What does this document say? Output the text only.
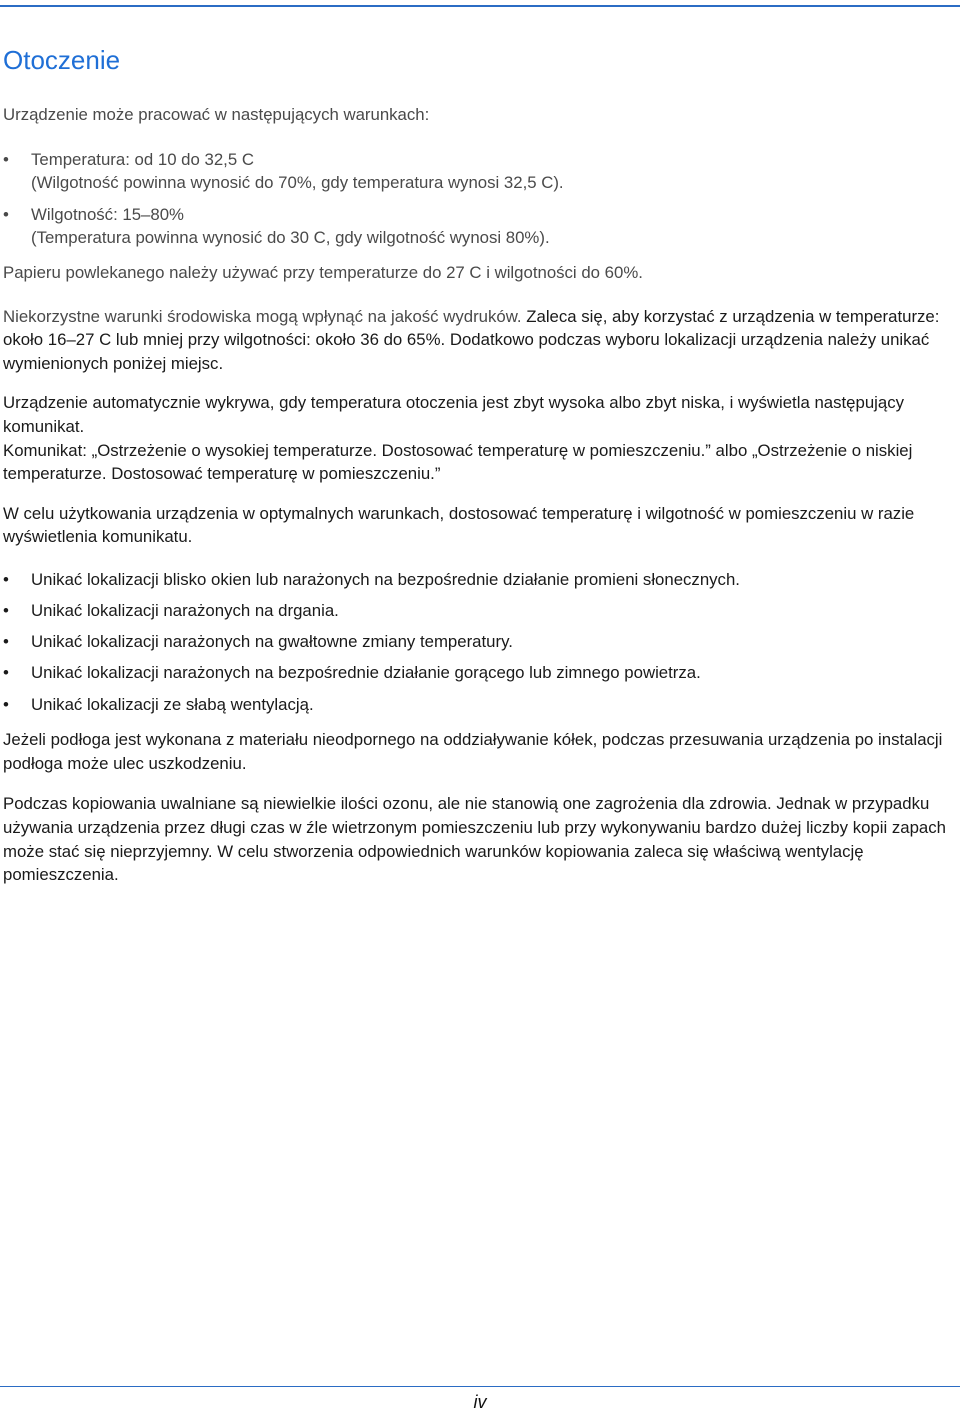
Otoczenie

Urządzenie może pracować w następujących warunkach:

• Temperatura: od 10 do 32,5 C
(Wilgotność powinna wynosić do 70%, gdy temperatura wynosi 32,5 C).
• Wilgotność: 15–80%
(Temperatura powinna wynosić do 30 C, gdy wilgotność wynosi 80%).

Papieru powlekanego należy używać przy temperaturze do 27 C i wilgotności do 60%.

Niekorzystne warunki środowiska mogą wpłynąć na jakość wydruków. Zaleca się, aby korzystać z urządzenia w temperaturze: około 16–27 C lub mniej przy wilgotności: około 36 do 65%. Dodatkowo podczas wyboru lokalizacji urządzenia należy unikać wymienionych poniżej miejsc.

Urządzenie automatycznie wykrywa, gdy temperatura otoczenia jest zbyt wysoka albo zbyt niska, i wyświetla następujący komunikat.

Komunikat: „Ostrzeżenie o wysokiej temperaturze. Dostosować temperaturę w pomieszczeniu.” albo „Ostrzeżenie o niskiej temperaturze. Dostosować temperaturę w pomieszczeniu.”

W celu użytkowania urządzenia w optymalnych warunkach, dostosować temperaturę i wilgotność w pomieszczeniu w razie wyświetlenia komunikatu.

• Unikać lokalizacji blisko okien lub narażonych na bezpośrednie działanie promieni słonecznych.
• Unikać lokalizacji narażonych na drgania.
• Unikać lokalizacji narażonych na gwałtowne zmiany temperatury.
• Unikać lokalizacji narażonych na bezpośrednie działanie gorącego lub zimnego powietrza.
• Unikać lokalizacji ze słabą wentylacją.

Jeżeli podłoga jest wykonana z materiału nieodpornego na oddziaływanie kółek, podczas przesuwania urządzenia po instalacji podłoga może ulec uszkodzeniu.

Podczas kopiowania uwalniane są niewielkie ilości ozonu, ale nie stanowią one zagrożenia dla zdrowia. Jednak w przypadku używania urządzenia przez długi czas w źle wietrzonym pomieszczeniu lub przy wykonywaniu bardzo dużej liczby kopii zapach może stać się nieprzyjemny. W celu stworzenia odpowiednich warunków kopiowania zaleca się właściwą wentylację pomieszczenia.

iv
